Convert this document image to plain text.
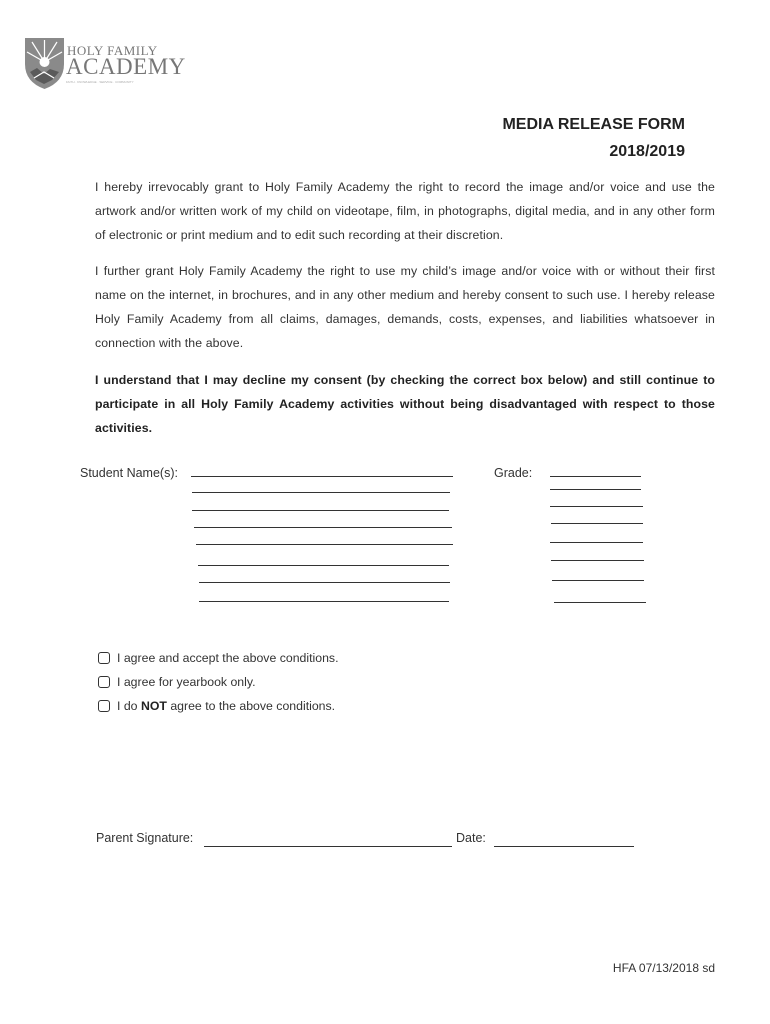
HOLY FAMILY
ACADEMY
FAITH · KNOWLEDGE · SERVICE · COMMUNITY
MEDIA RELEASE FORM
2018/2019

I hereby irrevocably grant to Holy Family Academy the right to record the image and/or voice and use the artwork and/or written work of my child on videotape, film, in photographs, digital media, and in any other form of electronic or print medium and to edit such recording at their discretion.

I further grant Holy Family Academy the right to use my child’s image and/or voice with or without their first name on the internet, in brochures, and in any other medium and hereby consent to such use. I hereby release Holy Family Academy from all claims, damages, demands, costs, expenses, and liabilities whatsoever in connection with the above.

I understand that I may decline my consent (by checking the correct box below) and still continue to participate in all Holy Family Academy activities without being disadvantaged with respect to those activities.

Student Name(s):	Grade:
I agree and accept the above conditions.
I agree for yearbook only.
I do NOT agree to the above conditions.
Parent Signature:	Date:
HFA 07/13/2018 sd
